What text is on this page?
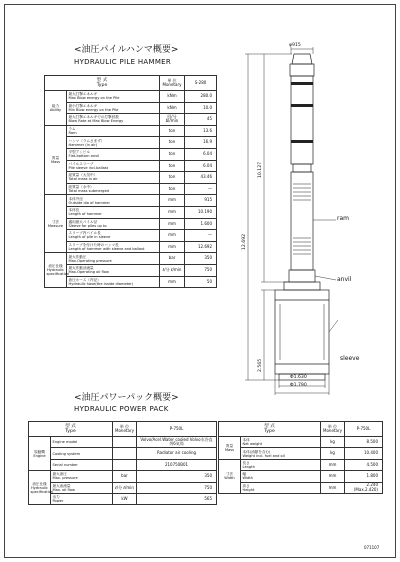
<油圧パイルハンマ概要>
HYDRAULIC PILE HAMMER
型 式
Type		単 位
Monetary	S-280

能力
Ability	最大打撃エネルギ
Max Blow energy on the Pile	kNm	280.0

	最小打撃エネルギ
Min Blow energy on the Pile	kNm	10.0

	最大打撃エネルギでの打撃回数
Blow Rate at Max Blow Energy	回/分 bl/min	45

質量
Mass	ラム
Ram	ton	13.6

	ハンマ（ラムさまず）
Hammer (in air)	ton	16.9

	平型アンビル
Flat-bottom anvil	ton	6.04

	パイルスリーブ
Pile sleeve incl.ballast	ton	6.04

	総質量（大気中）
Total mass in air	ton	43.46

	総質量（水中）
Total mass submerged	ton	—

寸法
Measure	本体外径
Outside dia of hammer	mm	915

	本体長
Length of hammer	mm	10.190

	適用最大パイル径
Sleeve for piles up to	mm	1.600

	スリーブ内パイル長
Length of pile in sleeve	mm	—

	スリーブを付けた時のハンマ長
Length of hammer with sleeve and ballast	mm	12.692

油圧仕様
Hydraulic specification	最大作動圧
Max.Operating pressure	bar	350

	最大作動油流量
Max.Operating oil flow	ℓ/分 ℓ/min	750

	油圧ホース（内径）
Hydraulic hose(the inside diameter)	mm	50
φ915
10.127
12.692
2.565
Φ1.630
Φ1.790
ram
anvil
sleeve
<油圧パワーパック概要>
HYDRAULIC POWER PACK
型 式
Type		単 位
Monetary	P-750L

原動機
Engine	Engine model		Volvo/Acel.Water cooled Volvo水冷直列6気筒

	Cooling system		Radiator air cooling

	Serial number		210750B01

油圧仕様
Hydraulic specification	最大油圧
Max. pressure	bar	350

	最大油流量
Max. oil flow	ℓ/分 ℓ/min	750

	出力
Power	kW	565
型 式
Type		単 位
Monetary	P-750L

質量
Mass	本体
Net weight	kg	8.500

	本体(油類を含む)
Weight incl. fuel and oil	kg	10.400

寸法
Width	長さ
Length	mm	4.500

	幅
Width	mm	1.800

	高さ
Height	mm	2.240 (Max.2.420)
071107
